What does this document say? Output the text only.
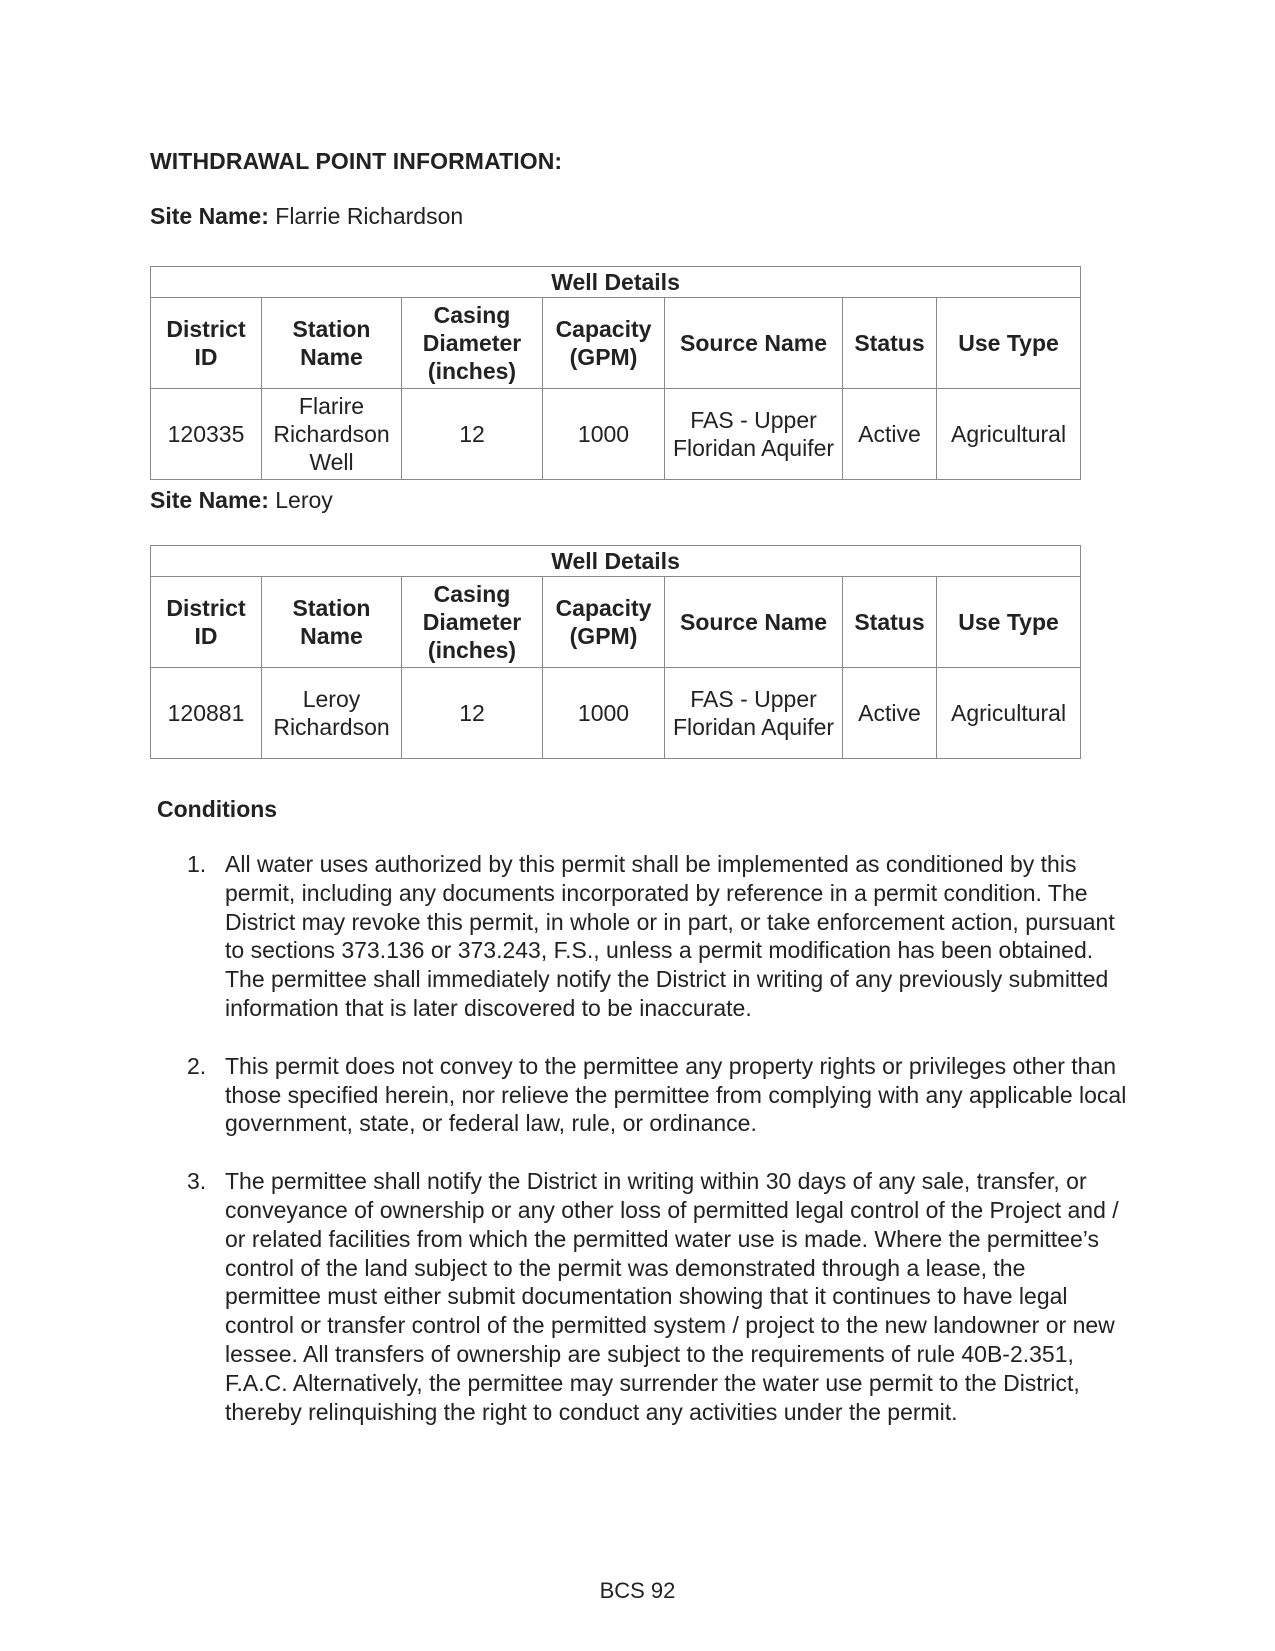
WITHDRAWAL POINT INFORMATION:

Site Name: Flarrie Richardson

Well Details						
District ID	Station Name	Casing Diameter (inches)	Capacity (GPM)	Source Name	Status	Use Type
120335	Flarire Richardson Well	12	1000	FAS - Upper Floridan Aquifer	Active	Agricultural

Site Name: Leroy

Well Details						
District ID	Station Name	Casing Diameter (inches)	Capacity (GPM)	Source Name	Status	Use Type
120881	Leroy Richardson	12	1000	FAS - Upper Floridan Aquifer	Active	Agricultural
Conditions
1. All water uses authorized by this permit shall be implemented as conditioned by this permit, including any documents incorporated by reference in a permit condition. The District may revoke this permit, in whole or in part, or take enforcement action, pursuant to sections 373.136 or 373.243, F.S., unless a permit modification has been obtained. The permittee shall immediately notify the District in writing of any previously submitted information that is later discovered to be inaccurate.
2. This permit does not convey to the permittee any property rights or privileges other than those specified herein, nor relieve the permittee from complying with any applicable local government, state, or federal law, rule, or ordinance.
3. The permittee shall notify the District in writing within 30 days of any sale, transfer, or conveyance of ownership or any other loss of permitted legal control of the Project and / or related facilities from which the permitted water use is made. Where the permittee’s control of the land subject to the permit was demonstrated through a lease, the permittee must either submit documentation showing that it continues to have legal control or transfer control of the permitted system / project to the new landowner or new lessee. All transfers of ownership are subject to the requirements of rule 40B-2.351, F.A.C. Alternatively, the permittee may surrender the water use permit to the District, thereby relinquishing the right to conduct any activities under the permit.

BCS 92
